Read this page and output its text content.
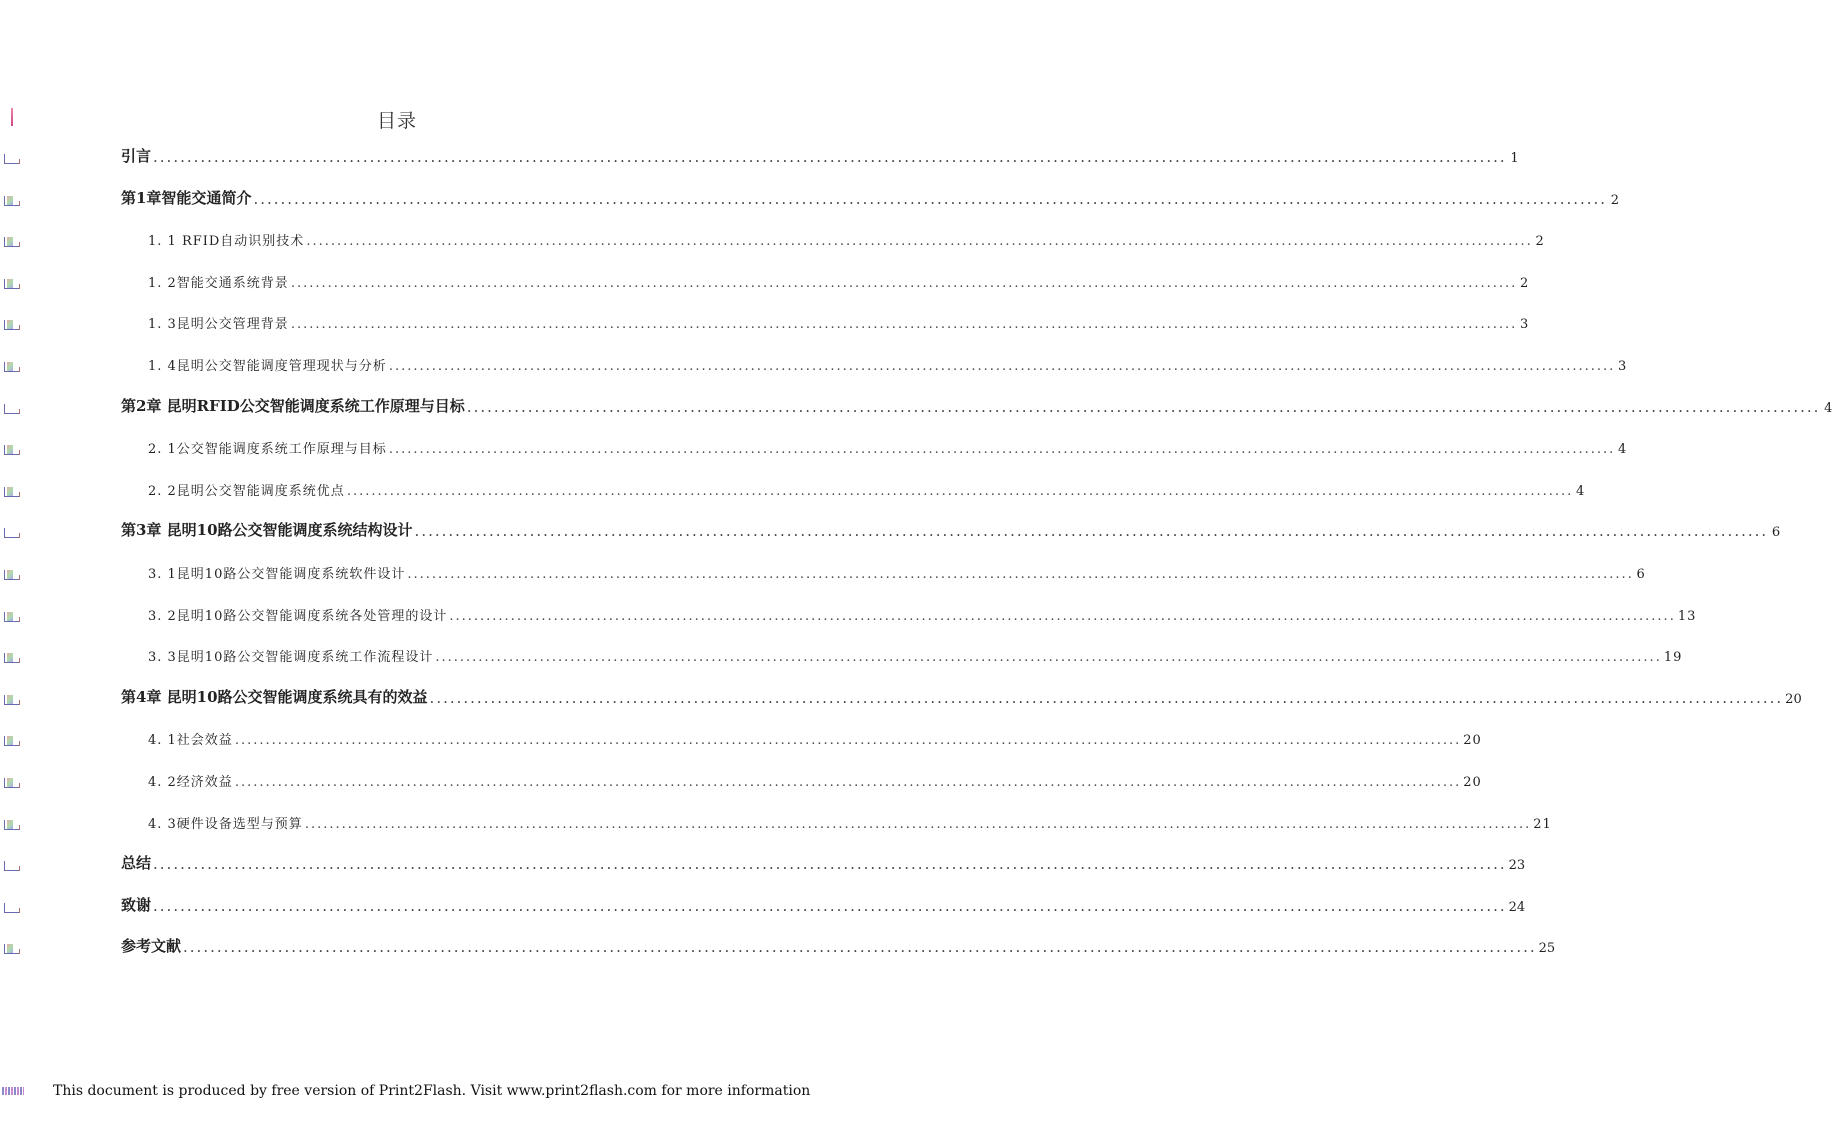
目录
引言 ........................................................................................................................................................................................................ 1
第1章智能交通简介 ........................................................................................................................................................................................................ 2
1. 1 RFID自动识别技术 ........................................................................................................................................................................................................ 2
1. 2智能交通系统背景 ........................................................................................................................................................................................................ 2
1. 3昆明公交管理背景 ........................................................................................................................................................................................................ 3
1. 4昆明公交智能调度管理现状与分析 ........................................................................................................................................................................................................ 3
第2章 昆明RFID公交智能调度系统工作原理与目标 ........................................................................................................................................................................................................ 4
2. 1公交智能调度系统工作原理与目标 ........................................................................................................................................................................................................ 4
2. 2昆明公交智能调度系统优点 ........................................................................................................................................................................................................ 4
第3章 昆明10路公交智能调度系统结构设计 ........................................................................................................................................................................................................ 6
3. 1昆明10路公交智能调度系统软件设计 ........................................................................................................................................................................................................ 6
3. 2昆明10路公交智能调度系统各处管理的设计 ........................................................................................................................................................................................................ 13
3. 3昆明10路公交智能调度系统工作流程设计 ........................................................................................................................................................................................................ 19
第4章 昆明10路公交智能调度系统具有的效益 ........................................................................................................................................................................................................ 20
4. 1社会效益 ........................................................................................................................................................................................................ 20
4. 2经济效益 ........................................................................................................................................................................................................ 20
4. 3硬件设备选型与预算 ........................................................................................................................................................................................................ 21
总结 ........................................................................................................................................................................................................ 23
致谢 ........................................................................................................................................................................................................ 24
参考文献 ........................................................................................................................................................................................................ 25
This document is produced by free version of Print2Flash. Visit www.print2flash.com for more information
